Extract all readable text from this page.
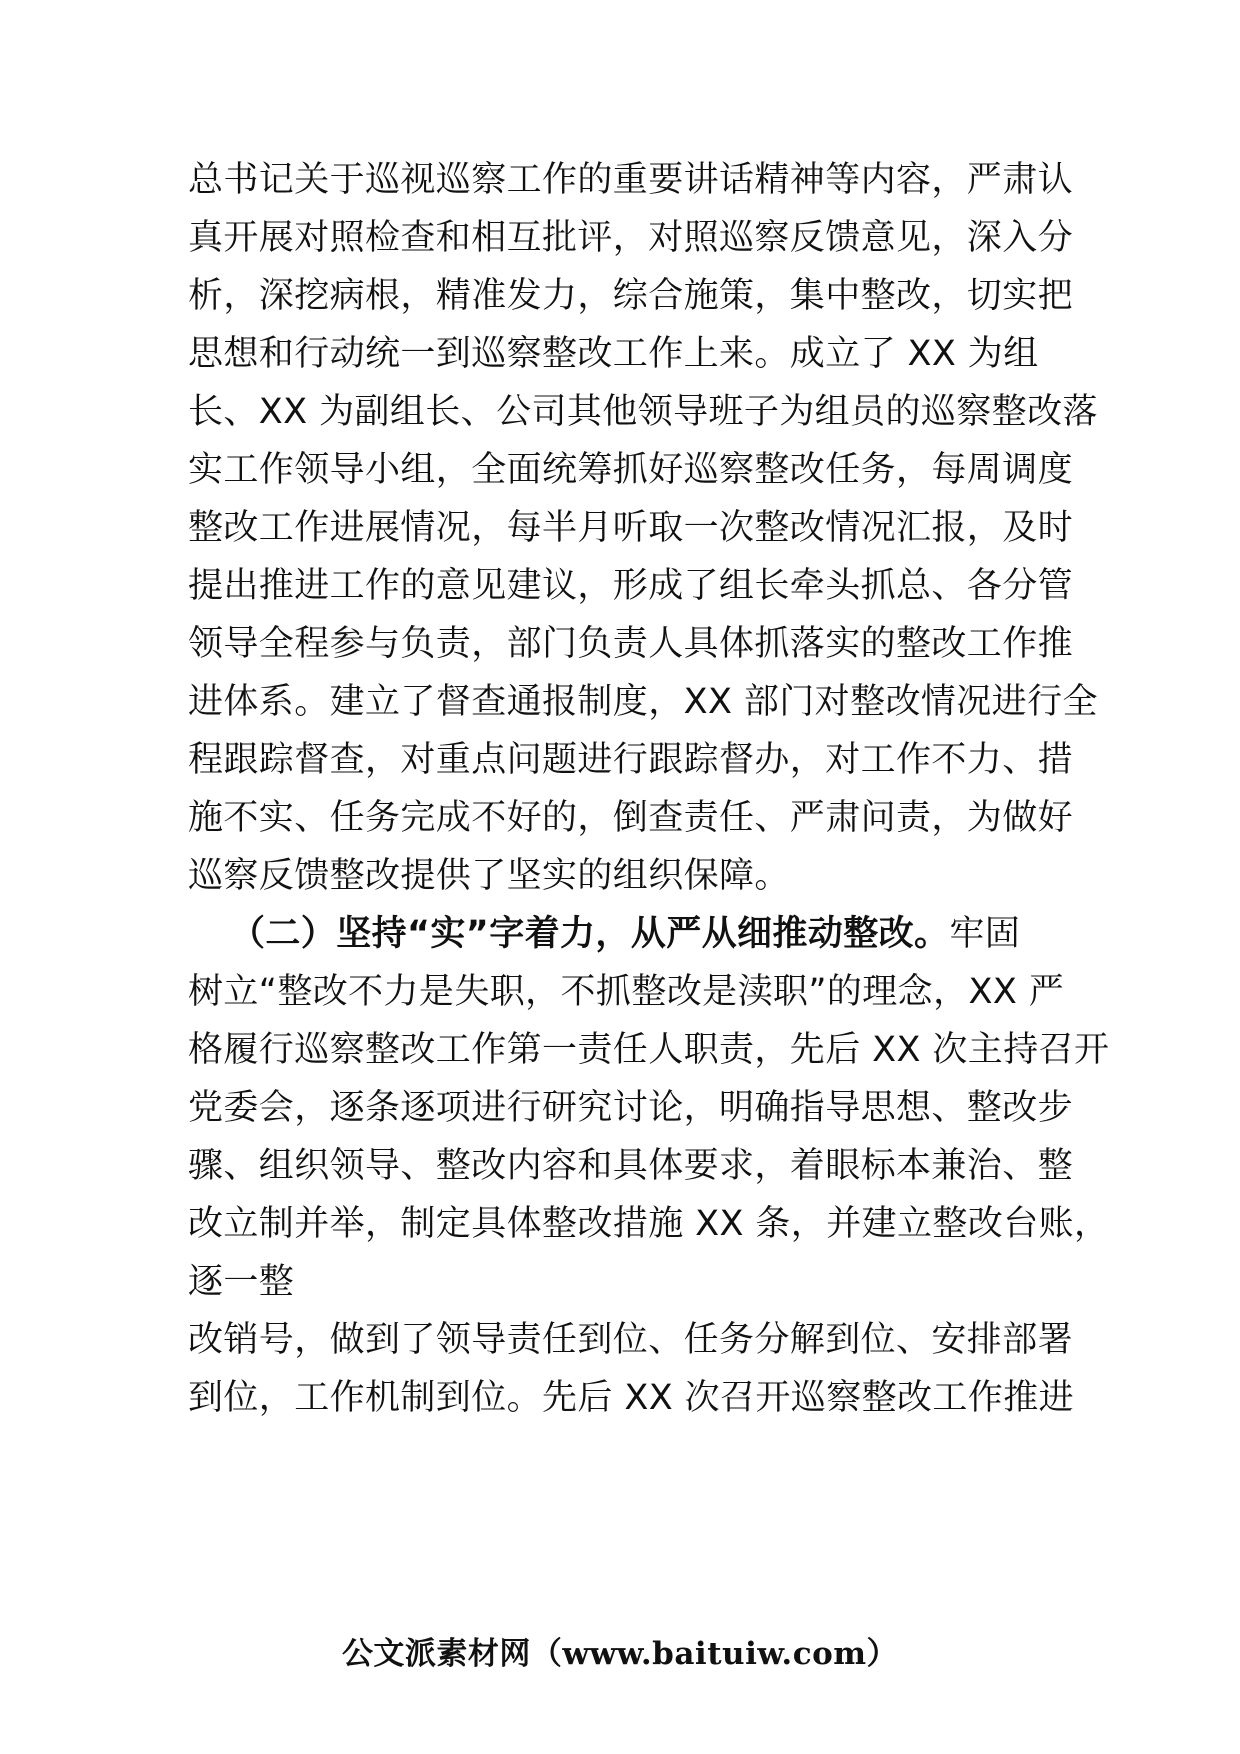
总书记关于巡视巡察工作的重要讲话精神等内容，严肃认
真开展对照检查和相互批评，对照巡察反馈意见，深入分
析，深挖病根，精准发力，综合施策，集中整改，切实把
思想和行动统一到巡察整改工作上来。成立了 XX 为组
长、XX 为副组长、公司其他领导班子为组员的巡察整改落
实工作领导小组，全面统筹抓好巡察整改任务，每周调度
整改工作进展情况，每半月听取一次整改情况汇报，及时
提出推进工作的意见建议，形成了组长牵头抓总、各分管
领导全程参与负责，部门负责人具体抓落实的整改工作推
进体系。建立了督查通报制度，XX 部门对整改情况进行全
程跟踪督查，对重点问题进行跟踪督办，对工作不力、措
施不实、任务完成不好的，倒查责任、严肃问责，为做好
巡察反馈整改提供了坚实的组织保障。
（二）坚持“实”字着力，从严从细推动整改。牢固
树立“整改不力是失职，不抓整改是渎职”的理念，XX 严
格履行巡察整改工作第一责任人职责，先后 XX 次主持召开
党委会，逐条逐项进行研究讨论，明确指导思想、整改步
骤、组织领导、整改内容和具体要求，着眼标本兼治、整
改立制并举，制定具体整改措施 XX 条，并建立整改台账，
逐一整
改销号，做到了领导责任到位、任务分解到位、安排部署
到位，工作机制到位。先后 XX 次召开巡察整改工作推进
公文派素材网（www.baituiw.com）
